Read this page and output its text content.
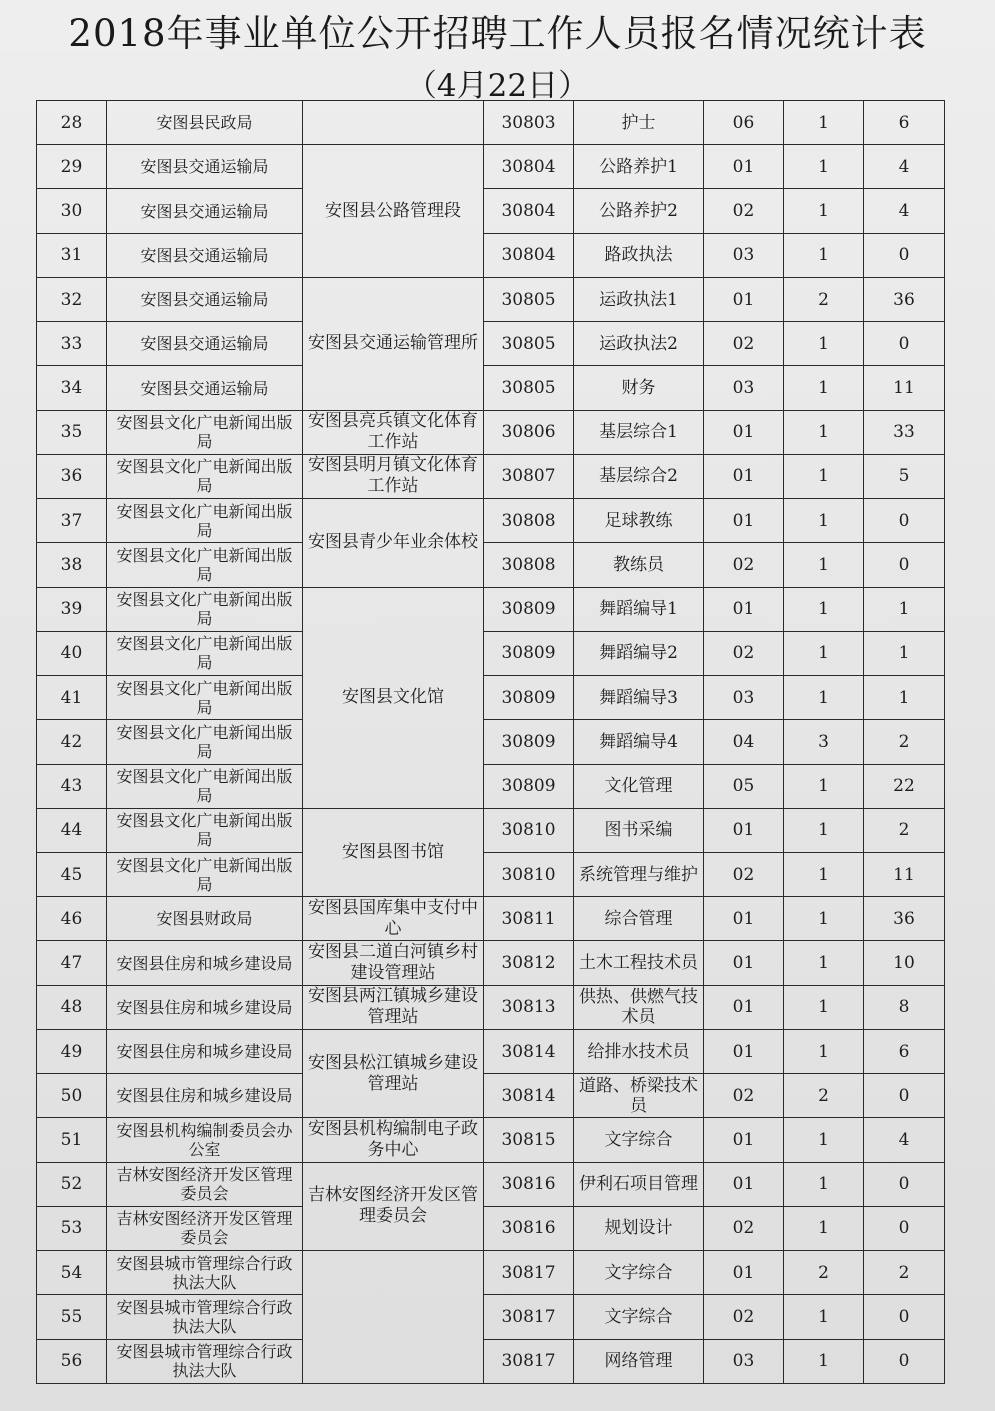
2018年事业单位公开招聘工作人员报名情况统计表
（4月22日）
28	安图县民政局		30803	护士	06	1	6
29	安图县交通运输局	安图县公路管理段	30804	公路养护1	01	1	4
30	安图县交通运输局		30804	公路养护2	02	1	4
31	安图县交通运输局		30804	路政执法	03	1	0
32	安图县交通运输局	安图县交通运输管理所	30805	运政执法1	01	2	36
33	安图县交通运输局		30805	运政执法2	02	1	0
34	安图县交通运输局		30805	财务	03	1	11
35	安图县文化广电新闻出版局	安图县亮兵镇文化体育工作站	30806	基层综合1	01	1	33
36	安图县文化广电新闻出版局	安图县明月镇文化体育工作站	30807	基层综合2	01	1	5
37	安图县文化广电新闻出版局	安图县青少年业余体校	30808	足球教练	01	1	0
38	安图县文化广电新闻出版局		30808	教练员	02	1	0
39	安图县文化广电新闻出版局	安图县文化馆	30809	舞蹈编导1	01	1	1
40	安图县文化广电新闻出版局		30809	舞蹈编导2	02	1	1
41	安图县文化广电新闻出版局		30809	舞蹈编导3	03	1	1
42	安图县文化广电新闻出版局		30809	舞蹈编导4	04	3	2
43	安图县文化广电新闻出版局		30809	文化管理	05	1	22
44	安图县文化广电新闻出版局	安图县图书馆	30810	图书采编	01	1	2
45	安图县文化广电新闻出版局		30810	系统管理与维护	02	1	11
46	安图县财政局	安图县国库集中支付中心	30811	综合管理	01	1	36
47	安图县住房和城乡建设局	安图县二道白河镇乡村建设管理站	30812	土木工程技术员	01	1	10
48	安图县住房和城乡建设局	安图县两江镇城乡建设管理站	30813	供热、供燃气技术员	01	1	8
49	安图县住房和城乡建设局	安图县松江镇城乡建设管理站	30814	给排水技术员	01	1	6
50	安图县住房和城乡建设局		30814	道路、桥梁技术员	02	2	0
51	安图县机构编制委员会办公室	安图县机构编制电子政务中心	30815	文字综合	01	1	4
52	吉林安图经济开发区管理委员会	吉林安图经济开发区管理委员会	30816	伊利石项目管理	01	1	0
53	吉林安图经济开发区管理委员会		30816	规划设计	02	1	0
54	安图县城市管理综合行政执法大队		30817	文字综合	01	2	2
55	安图县城市管理综合行政执法大队		30817	文字综合	02	1	0
56	安图县城市管理综合行政执法大队		30817	网络管理	03	1	0
